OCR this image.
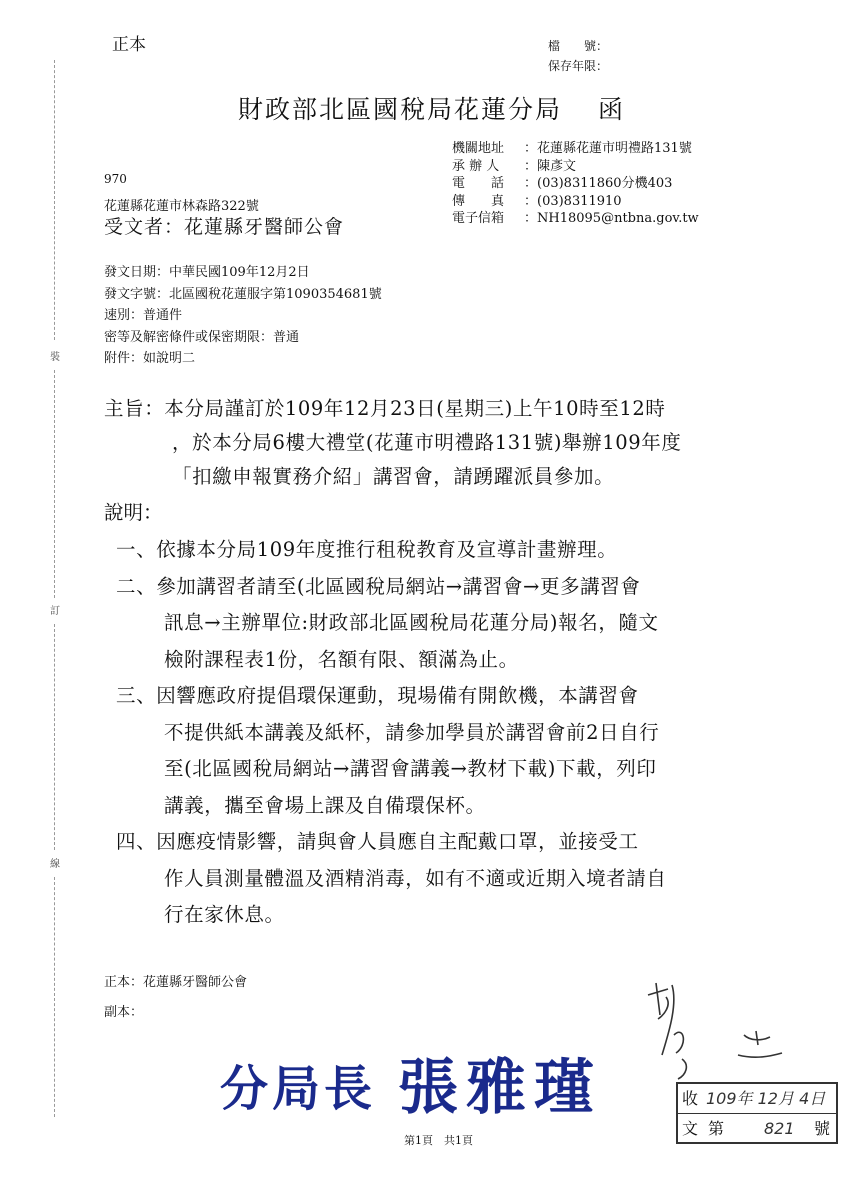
正本	檔　　號：
保存年限：
財政部北區國稅局花蓮分局 函
機關地址	：花蓮縣花蓮市明禮路131號
承 辦 人	：陳彥文
電　　話	：(03)8311860分機403
傳　　真	：(03)8311910
電子信箱	：NH18095@ntbna.gov.tw
970
花蓮縣花蓮市林森路322號
受文者：花蓮縣牙醫師公會
發文日期：中華民國109年12月2日
發文字號：北區國稅花蓮服字第1090354681號
速別：普通件
密等及解密條件或保密期限：普通
附件：如說明二
裝
訂
線
主旨：本分局謹訂於109年12月23日(星期三)上午10時至12時
，於本分局6樓大禮堂(花蓮市明禮路131號)舉辦109年度
「扣繳申報實務介紹」講習會，請踴躍派員參加。
說明：
一、依據本分局109年度推行租稅教育及宣導計畫辦理。
二、參加講習者請至(北區國稅局網站→講習會→更多講習會
訊息→主辦單位:財政部北區國稅局花蓮分局)報名，隨文
檢附課程表1份，名額有限、額滿為止。
三、因響應政府提倡環保運動，現場備有開飲機，本講習會
不提供紙本講義及紙杯，請參加學員於講習會前2日自行
至(北區國稅局網站→講習會講義→教材下載)下載，列印
講義，攜至會場上課及自備環保杯。
四、因應疫情影響，請與會人員應自主配戴口罩，並接受工
作人員測量體溫及酒精消毒，如有不適或近期入境者請自
行在家休息。
正本：花蓮縣牙醫師公會
副本：
分局長 張雅瑾
第1頁　共1頁
收 109年 12月 4日
文 第 821 號
